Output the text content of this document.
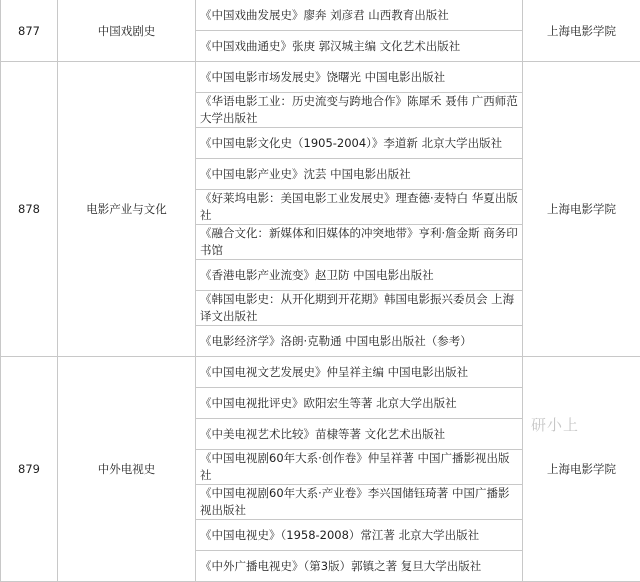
877	中国戏剧史	《中国戏曲发展史》廖奔 刘彦君 山西教育出版社	上海电影学院
		《中国戏曲通史》张庚 郭汉城主编 文化艺术出版社	
878	电影产业与文化	《中国电影市场发展史》饶曙光 中国电影出版社	上海电影学院
		《华语电影工业：历史流变与跨地合作》陈犀禾 聂伟 广西师范大学出版社	
		《中国电影文化史（1905-2004）》李道新 北京大学出版社	
		《中国电影产业史》沈芸 中国电影出版社	
		《好莱坞电影：美国电影工业发展史》理查德·麦特白 华夏出版社	
		《融合文化：新媒体和旧媒体的冲突地带》亨利·詹金斯 商务印书馆	
		《香港电影产业流变》赵卫防 中国电影出版社	
		《韩国电影史：从开化期到开花期》韩国电影振兴委员会 上海译文出版社	
		《电影经济学》洛朗·克勒通 中国电影出版社（参考）	
879	中外电视史	《中国电视文艺发展史》仲呈祥主编 中国电影出版社	上海电影学院
		《中国电视批评史》欧阳宏生等著 北京大学出版社	
		《中美电视艺术比较》苗棣等著 文化艺术出版社	
		《中国电视剧60年大系·创作卷》仲呈祥著 中国广播影视出版社	
		《中国电视剧60年大系·产业卷》李兴国储钰琦著 中国广播影视出版社	
		《中国电视史》（1958-2008）常江著 北京大学出版社	
		《中外广播电视史》（第3版）郭镇之著 复旦大学出版社	
研小上
